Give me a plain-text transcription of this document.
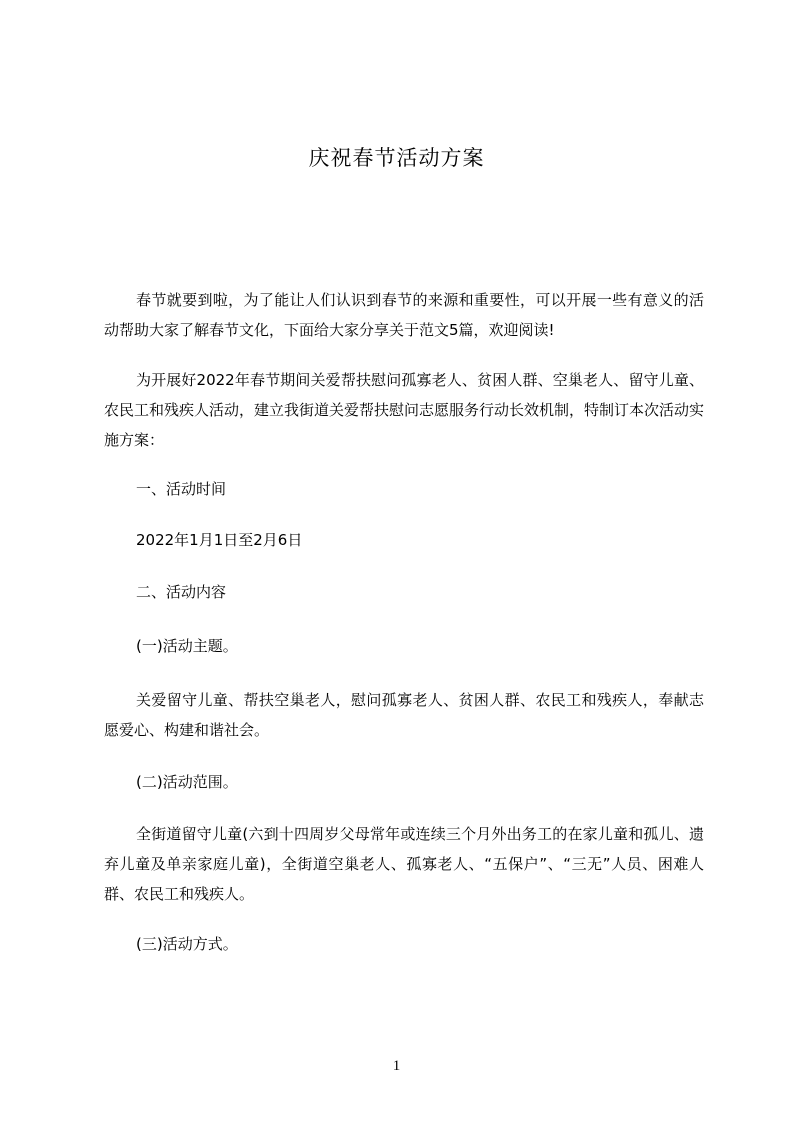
庆祝春节活动方案

春节就要到啦，为了能让人们认识到春节的来源和重要性，可以开展一些有意义的活动帮助大家了解春节文化，下面给大家分享关于范文5篇，欢迎阅读!

为开展好2022年春节期间关爱帮扶慰问孤寡老人、贫困人群、空巢老人、留守儿童、农民工和残疾人活动，建立我街道关爱帮扶慰问志愿服务行动长效机制，特制订本次活动实施方案：

一、活动时间

2022年1月1日至2月6日

二、活动内容

(一)活动主题。

关爱留守儿童、帮扶空巢老人，慰问孤寡老人、贫困人群、农民工和残疾人，奉献志愿爱心、构建和谐社会。

(二)活动范围。

全街道留守儿童(六到十四周岁父母常年或连续三个月外出务工的在家儿童和孤儿、遗弃儿童及单亲家庭儿童)，全街道空巢老人、孤寡老人、“五保户”、“三无”人员、困难人群、农民工和残疾人。

(三)活动方式。

1
